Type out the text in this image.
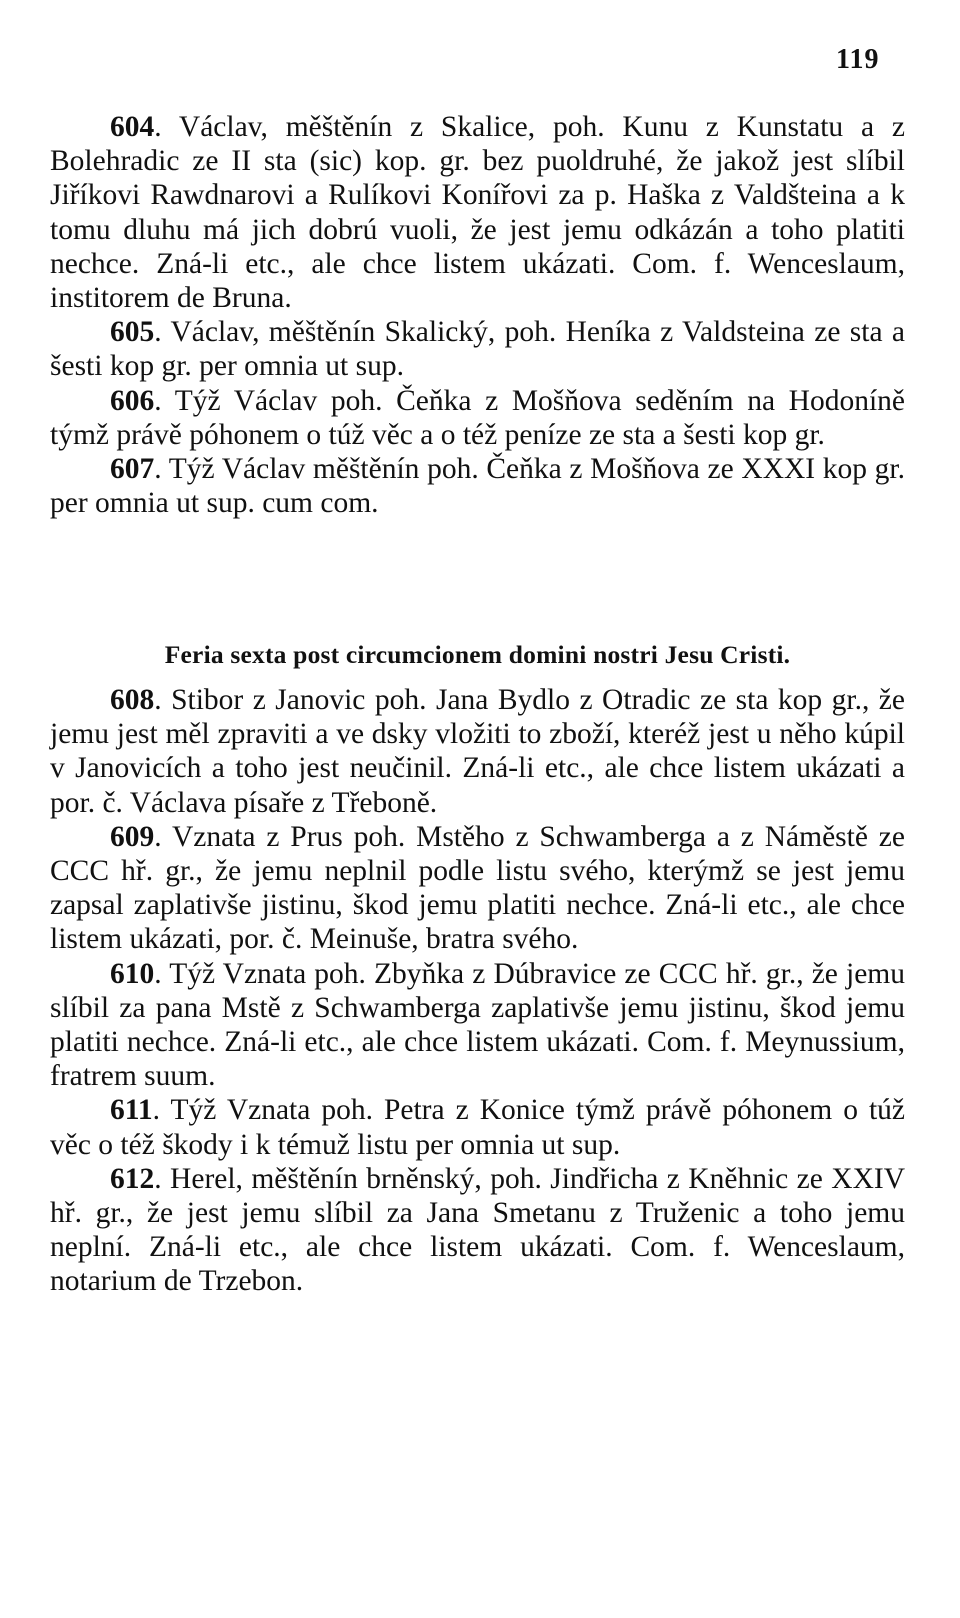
119

604. Václav, měštěnín z Skalice, poh. Kunu z Kunstatu a z Bolehradic ze II sta (sic) kop. gr. bez puoldruhé, že jakož jest slíbil Jiříkovi Rawdnarovi a Rulíkovi Konířovi za p. Haška z Valdšteina a k tomu dluhu má jich dobrú vuoli, že jest jemu odkázán a toho platiti nechce. Zná-li etc., ale chce listem ukázati. Com. f. Wenceslaum, institorem de Bruna.

605. Václav, měštěnín Skalický, poh. Heníka z Valdsteina ze sta a šesti kop gr. per omnia ut sup.

606. Týž Václav poh. Čeňka z Mošňova seděním na Hodoníně týmž právě póhonem o túž věc a o též peníze ze sta a šesti kop gr.

607. Týž Václav měštěnín poh. Čeňka z Mošňova ze XXXI kop gr. per omnia ut sup. cum com.

Feria sexta post circumcionem domini nostri Jesu Cristi.

608. Stibor z Janovic poh. Jana Bydlo z Otradic ze sta kop gr., že jemu jest měl zpraviti a ve dsky vložiti to zboží, kteréž jest u něho kúpil v Janovicích a toho jest neučinil. Zná-li etc., ale chce listem ukázati a por. č. Václava písaře z Třeboně.

609. Vznata z Prus poh. Mstěho z Schwamberga a z Náměstě ze CCC hř. gr., že jemu neplnil podle listu svého, kterýmž se jest jemu zapsal zaplativše jistinu, škod jemu platiti nechce. Zná-li etc., ale chce listem ukázati, por. č. Meinuše, bratra svého.

610. Týž Vznata poh. Zbyňka z Dúbravice ze CCC hř. gr., že jemu slíbil za pana Mstě z Schwamberga zaplativše jemu jistinu, škod jemu platiti nechce. Zná-li etc., ale chce listem ukázati. Com. f. Meynussium, fratrem suum.

611. Týž Vznata poh. Petra z Konice týmž právě póhonem o túž věc o též škody i k témuž listu per omnia ut sup.

612. Herel, měštěnín brněnský, poh. Jindřicha z Kněhnic ze XXIV hř. gr., že jest jemu slíbil za Jana Smetanu z Truženic a toho jemu neplní. Zná-li etc., ale chce listem ukázati. Com. f. Wenceslaum, notarium de Trzebon.
